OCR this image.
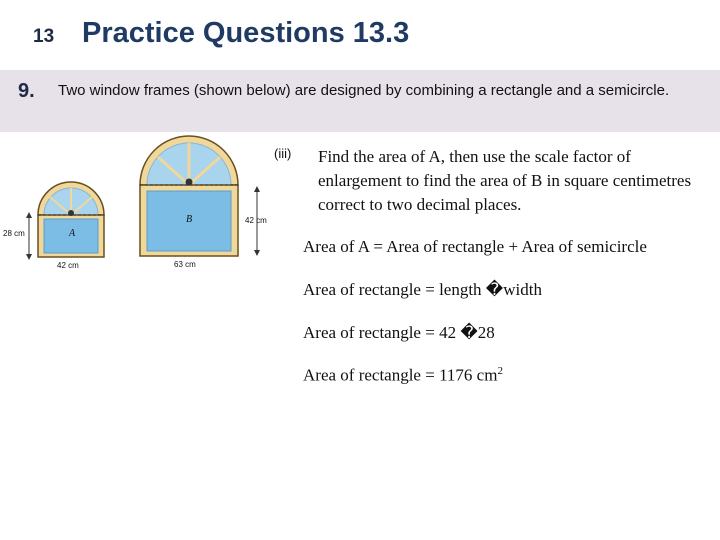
13 Practice Questions 13.3
9. Two window frames (shown below) are designed by combining a rectangle and a semicircle.
A
28 cm
42 cm
B	42 cm
63 cm
(iii) Find the area of A, then use the scale factor of enlargement to find the area of B in square centimetres correct to two decimal places.
Area of A = Area of rectangle + Area of semicircle
Area of rectangle = length �width
Area of rectangle = 42 �28
Area of rectangle = 1176 $cm^2$
